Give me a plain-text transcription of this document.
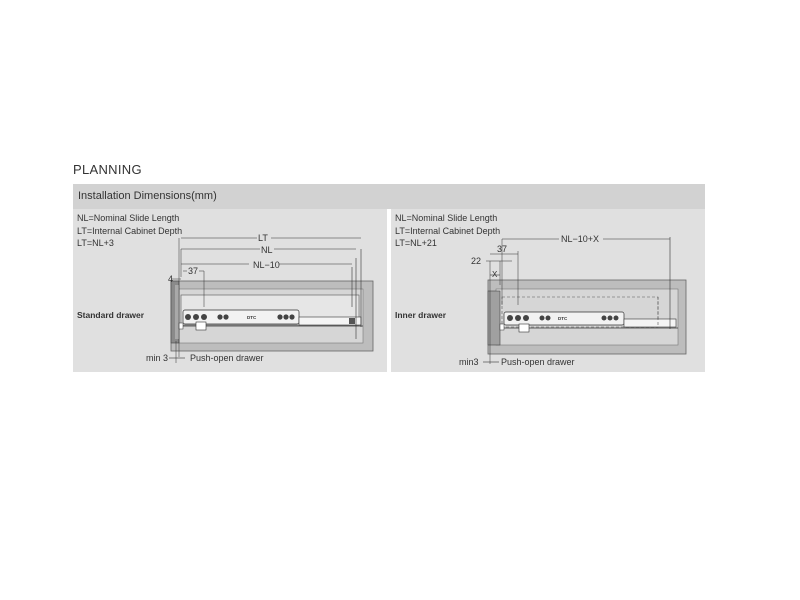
PLANNING
Installation Dimensions(mm)
NL=Nominal Slide Length
LT=Internal Cabinet Depth
LT=NL+3
Standard drawer	DTC
LT
NL
NL−10
37
4
min 3 Push-open drawer
NL=Nominal Slide Length
LT=Internal Cabinet Depth
LT=NL+21
Inner drawer	DTC
NL−10+X
37
22
X
min3 Push-open drawer
